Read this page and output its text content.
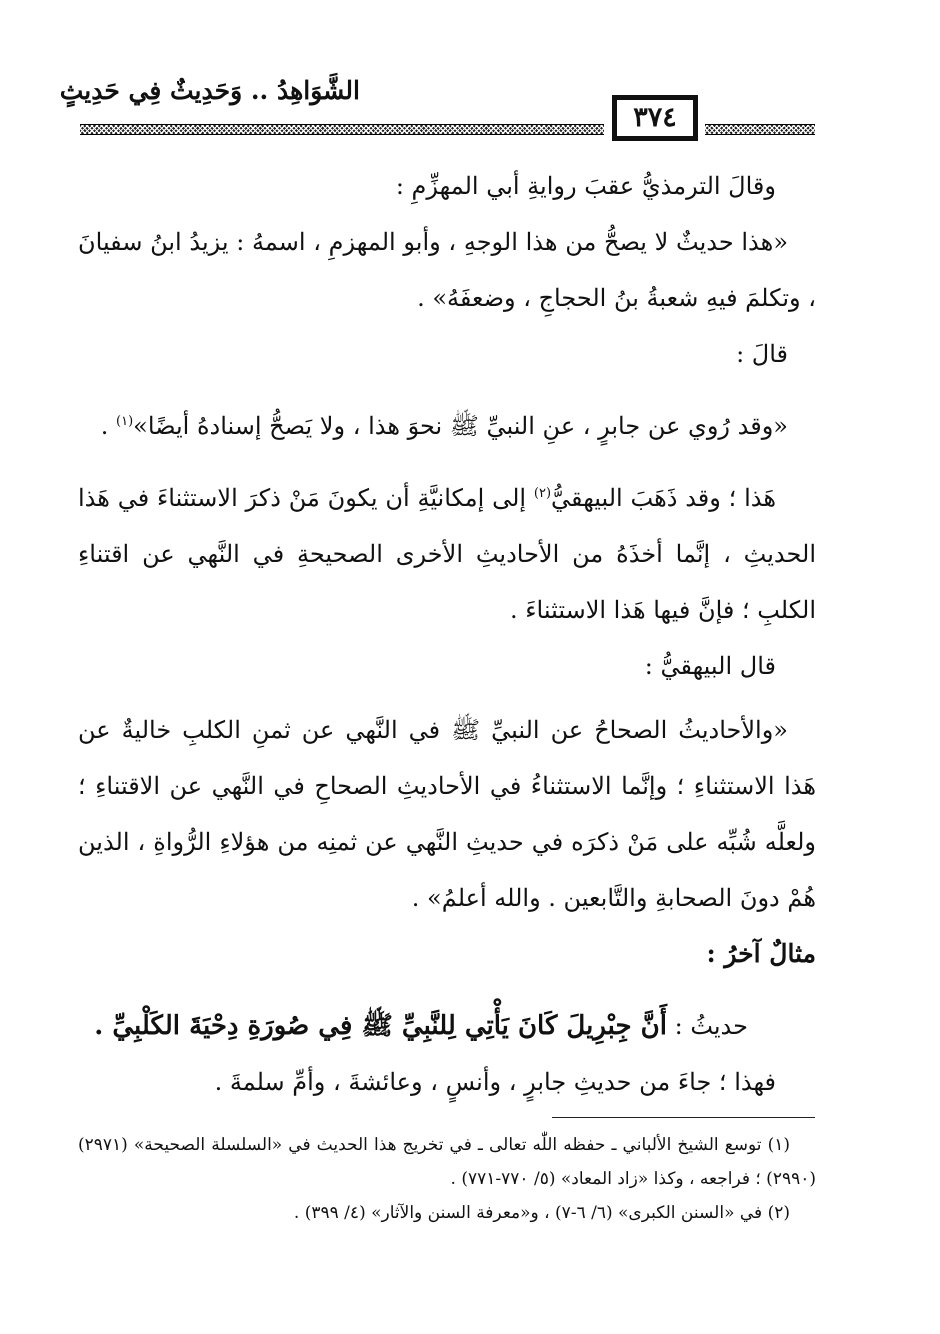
الشَّوَاهِدُ .. وَحَدِيثٌ فِي حَدِيثٍ
٣٧٤

وقالَ الترمذيُّ عقبَ روايةِ أبي المهزِّمِ :

«هذا حديثٌ لا يصحُّ من هذا الوجهِ ، وأبو المهزمِ ، اسمهُ : يزيدُ ابنُ سفيانَ ، وتكلمَ فيهِ شعبةُ بنُ الحجاجِ ، وضعفَهُ» .

قالَ :

«وقد رُوي عن جابرٍ ، عنِ النبيِّ ﷺ نحوَ هذا ، ولا يَصحُّ إسنادهُ أيضًا»$^{(١)}$ .

هَذا ؛ وقد ذَهَبَ البيهقيُّ$^{(٢)}$ إلى إمكانيَّةِ أن يكونَ مَنْ ذكرَ الاستثناءَ في هَذا الحديثِ ، إنَّما أخذَهُ من الأحاديثِ الأخرى الصحيحةِ في النَّهي عن اقتناءِ الكلبِ ؛ فإنَّ فيها هَذا الاستثناءَ .

قال البيهقيُّ :

«والأحاديثُ الصحاحُ عن النبيِّ ﷺ في النَّهي عن ثمنِ الكلبِ خاليةٌ عن هَذا الاستثناءِ ؛ وإنَّما الاستثناءُ في الأحاديثِ الصحاحِ في النَّهي عن الاقتناءِ ؛ ولعلَّه شُبِّه على مَنْ ذكرَه في حديثِ النَّهي عن ثمنِه من هؤلاءِ الرُّواةِ ، الذين هُمْ دونَ الصحابةِ والتَّابعين . والله أعلمُ» .

مثالٌ آخرُ :

حديثُ : أَنَّ جِبْرِيلَ كَانَ يَأْتِي لِلنَّبِيِّ ﷺ فِي صُورَةِ دِحْيَةَ الكَلْبِيِّ .

فهذا ؛ جاءَ من حديثِ جابرٍ ، وأنسٍ ، وعائشةَ ، وأمِّ سلمةَ .

(١) توسع الشيخ الألباني ـ حفظه اللّٰه تعالى ـ في تخريج هذا الحديث في «السلسلة الصحيحة» (٢٩٧١) (٢٩٩٠) ؛ فراجعه ، وكذا «زاد المعاد» (٥/ ٧٧٠-٧٧١) .

(٢) في «السنن الكبرى» (٦/ ٦-٧) ، و«معرفة السنن والآثار» (٤/ ٣٩٩) .
